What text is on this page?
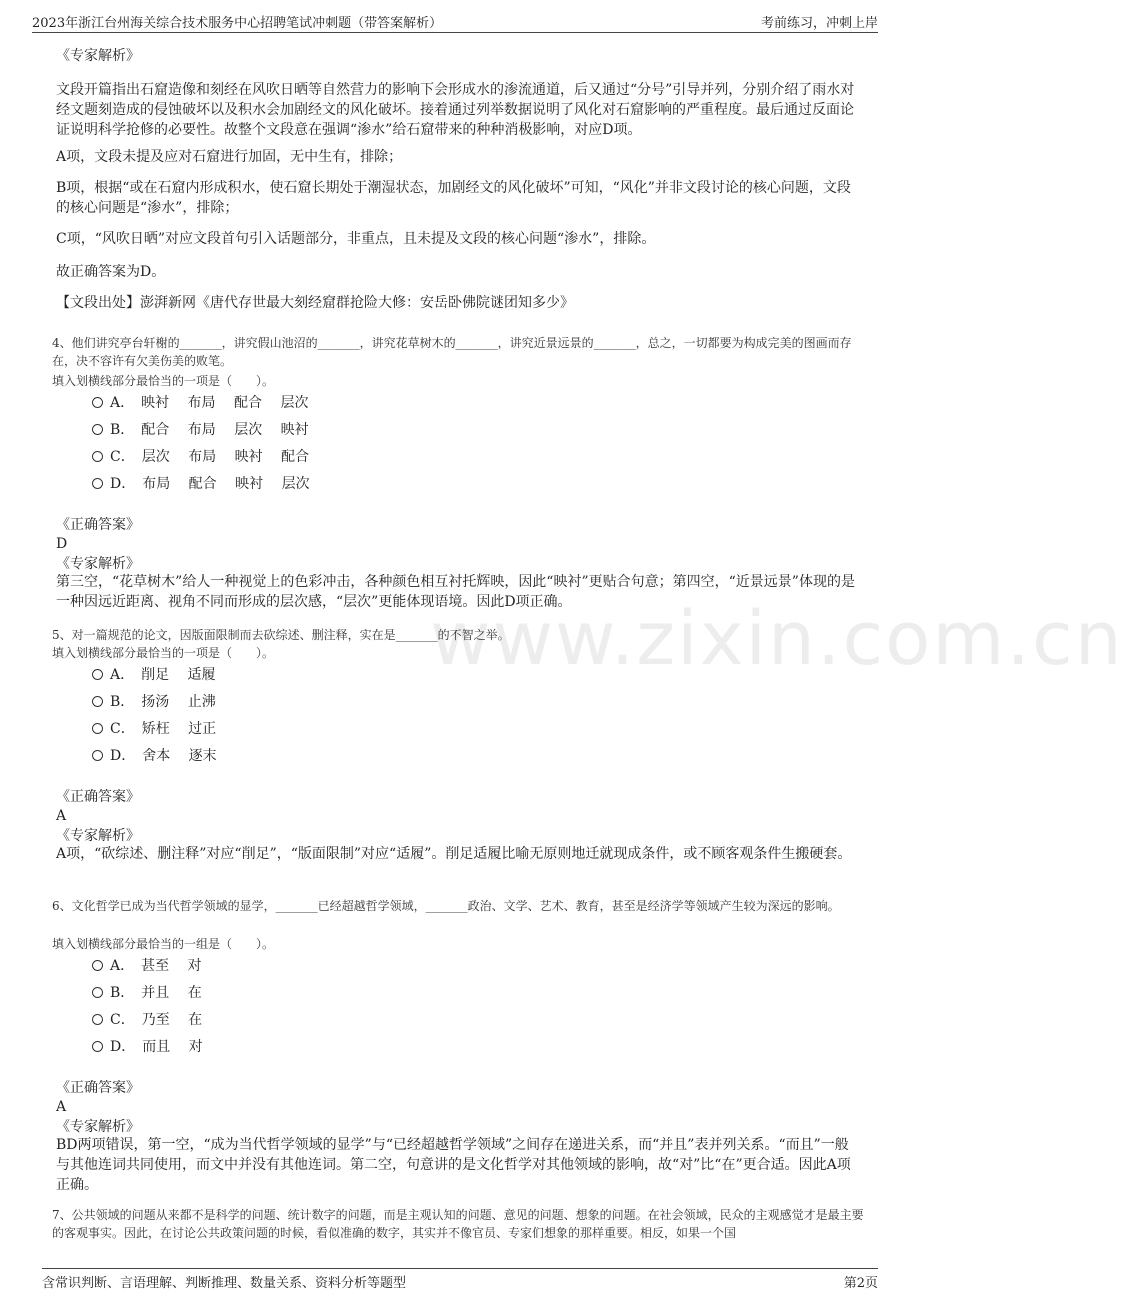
2023年浙江台州海关综合技术服务中心招聘笔试冲刺题（带答案解析）	考前练习，冲刺上岸
www.zixin.com.cn

《专家解析》

文段开篇指出石窟造像和刻经在风吹日晒等自然营力的影响下会形成水的渗流通道，后又通过“分号”引导并列，分别介绍了雨水对经文题刻造成的侵蚀破坏以及积水会加剧经文的风化破坏。接着通过列举数据说明了风化对石窟影响的严重程度。最后通过反面论证说明科学抢修的必要性。故整个文段意在强调“渗水”给石窟带来的种种消极影响，对应D项。

A项，文段未提及应对石窟进行加固，无中生有，排除；

B项，根据“或在石窟内形成积水，使石窟长期处于潮湿状态，加剧经文的风化破坏”可知，“风化”并非文段讨论的核心问题，文段的核心问题是“渗水”，排除；

C项，“风吹日晒”对应文段首句引入话题部分，非重点，且未提及文段的核心问题“渗水”，排除。

故正确答案为D。

【文段出处】澎湃新网《唐代存世最大刻经窟群抢险大修：安岳卧佛院谜团知多少》

4、他们讲究亭台轩榭的_______，讲究假山池沼的_______，讲究花草树木的_______，讲究近景远景的_______，总之，一切都要为构成完美的图画而存在，决不容许有欠美伤美的败笔。

填入划横线部分最恰当的一项是（　　）。

A．　映衬　 布局　 配合　 层次
B．　配合　 布局　 层次　 映衬
C．　层次　 布局　 映衬　 配合
D．　布局　 配合　 映衬　 层次

《正确答案》

D

《专家解析》

第三空，“花草树木”给人一种视觉上的色彩冲击，各种颜色相互衬托辉映，因此“映衬”更贴合句意；第四空，“近景远景”体现的是一种因远近距离、视角不同而形成的层次感，“层次”更能体现语境。因此D项正确。

5、对一篇规范的论文，因版面限制而去砍综述、删注释，实在是_______的不智之举。

填入划横线部分最恰当的一项是（　　）。

A．　削足　 适履
B．　扬汤　 止沸
C．　矫枉　 过正
D．　舍本　 逐末

《正确答案》

A

《专家解析》

A项，“砍综述、删注释”对应“削足”，“版面限制”对应“适履”。削足适履比喻无原则地迁就现成条件，或不顾客观条件生搬硬套。

6、文化哲学已成为当代哲学领域的显学，_______已经超越哲学领域，_______政治、文学、艺术、教育，甚至是经济学等领域产生较为深远的影响。

填入划横线部分最恰当的一组是（　　）。

A．　甚至　 对
B．　并且　 在
C．　乃至　 在
D．　而且　 对

《正确答案》

A

《专家解析》

BD两项错误，第一空，“成为当代哲学领域的显学”与“已经超越哲学领域”之间存在递进关系，而“并且”表并列关系。“而且”一般与其他连词共同使用，而文中并没有其他连词。第二空，句意讲的是文化哲学对其他领域的影响，故“对”比“在”更合适。因此A项正确。

7、公共领域的问题从来都不是科学的问题、统计数字的问题，而是主观认知的问题、意见的问题、想象的问题。在社会领域，民众的主观感觉才是最主要的客观事实。因此，在讨论公共政策问题的时候，看似准确的数字，其实并不像官员、专家们想象的那样重要。相反，如果一个国

含常识判断、言语理解、判断推理、数量关系、资料分析等题型	第2页
